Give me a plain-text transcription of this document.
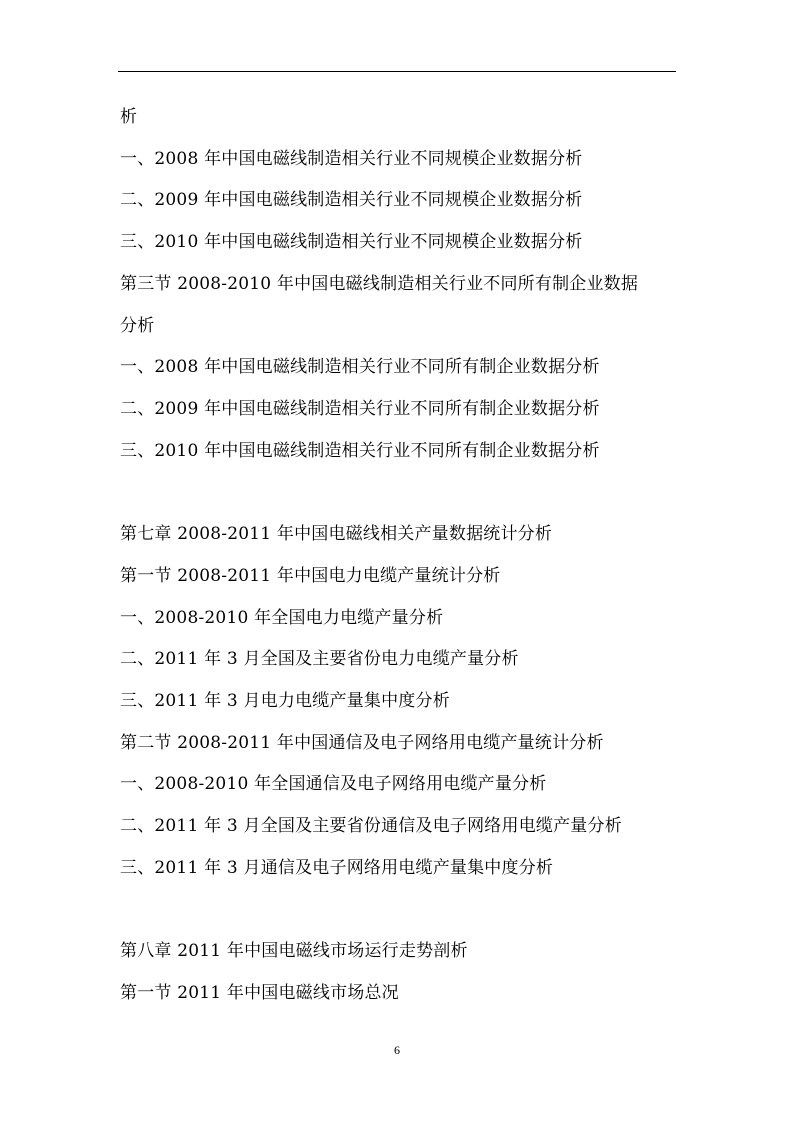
析
一、2008 年中国电磁线制造相关行业不同规模企业数据分析
二、2009 年中国电磁线制造相关行业不同规模企业数据分析
三、2010 年中国电磁线制造相关行业不同规模企业数据分析
第三节 2008-2010 年中国电磁线制造相关行业不同所有制企业数据
分析
一、2008 年中国电磁线制造相关行业不同所有制企业数据分析
二、2009 年中国电磁线制造相关行业不同所有制企业数据分析
三、2010 年中国电磁线制造相关行业不同所有制企业数据分析
第七章 2008-2011 年中国电磁线相关产量数据统计分析
第一节 2008-2011 年中国电力电缆产量统计分析
一、2008-2010 年全国电力电缆产量分析
二、2011 年 3 月全国及主要省份电力电缆产量分析
三、2011 年 3 月电力电缆产量集中度分析
第二节 2008-2011 年中国通信及电子网络用电缆产量统计分析
一、2008-2010 年全国通信及电子网络用电缆产量分析
二、2011 年 3 月全国及主要省份通信及电子网络用电缆产量分析
三、2011 年 3 月通信及电子网络用电缆产量集中度分析
第八章 2011 年中国电磁线市场运行走势剖析
第一节 2011 年中国电磁线市场总况
6
